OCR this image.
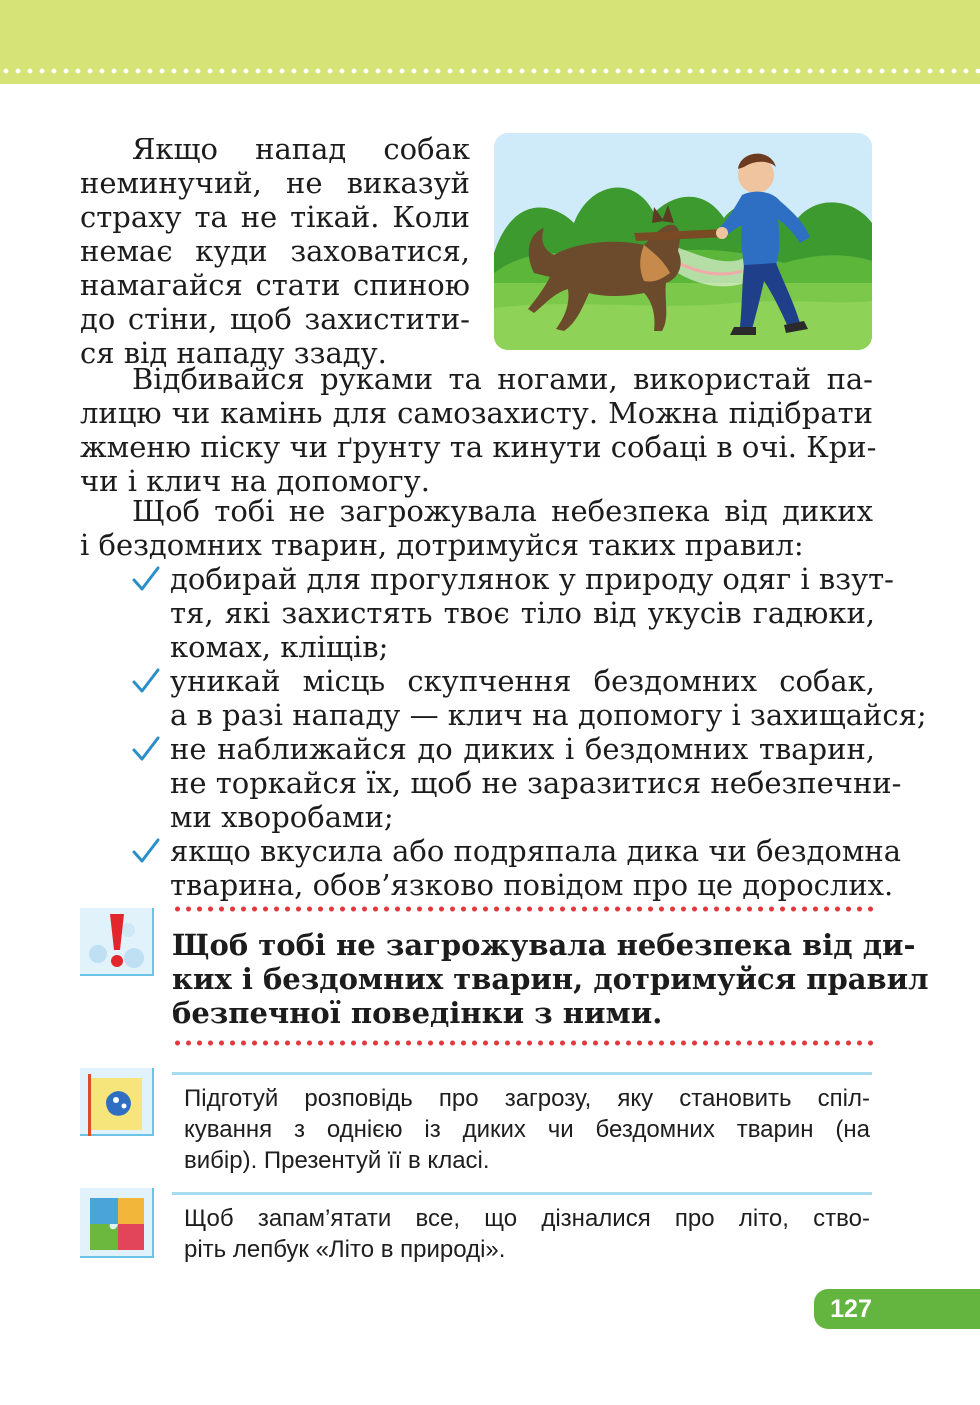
Якщо напад собак
неминучий, не виказуй
страху та не тікай. Коли
немає куди заховатися,
намагайся стати спиною
до стіни, щоб захистити-
ся від нападу ззаду.
Відбивайся руками та ногами, використай па-
лицю чи камінь для самозахисту. Можна підібрати
жменю піску чи ґрунту та кинути собаці в очі. Кри-
чи і клич на допомогу.
Щоб тобі не загрожувала небезпека від диких
і бездомних тварин, дотримуйся таких правил:
добирай для прогулянок у природу одяг і взут-
тя, які захистять твоє тіло від укусів гадюки,
комах, кліщів;
уникай місць скупчення бездомних собак,
а в разі нападу — клич на допомогу і захищайся;
не наближайся до диких і бездомних тварин,
не торкайся їх, щоб не заразитися небезпечни-
ми хворобами;
якщо вкусила або подряпала дика чи бездомна
тварина, обов’язково повідом про це дорослих.
Щоб тобі не загрожувала небезпека від ди-
ких і бездомних тварин, дотримуйся правил
безпечної поведінки з ними.
Підготуй розповідь про загрозу, яку становить спіл-
кування з однією із диких чи бездомних тварин (на
вибір). Презентуй її в класі.
Щоб запам’ятати все, що дізналися про літо, ство-
ріть лепбук «Літо в природі».
127
